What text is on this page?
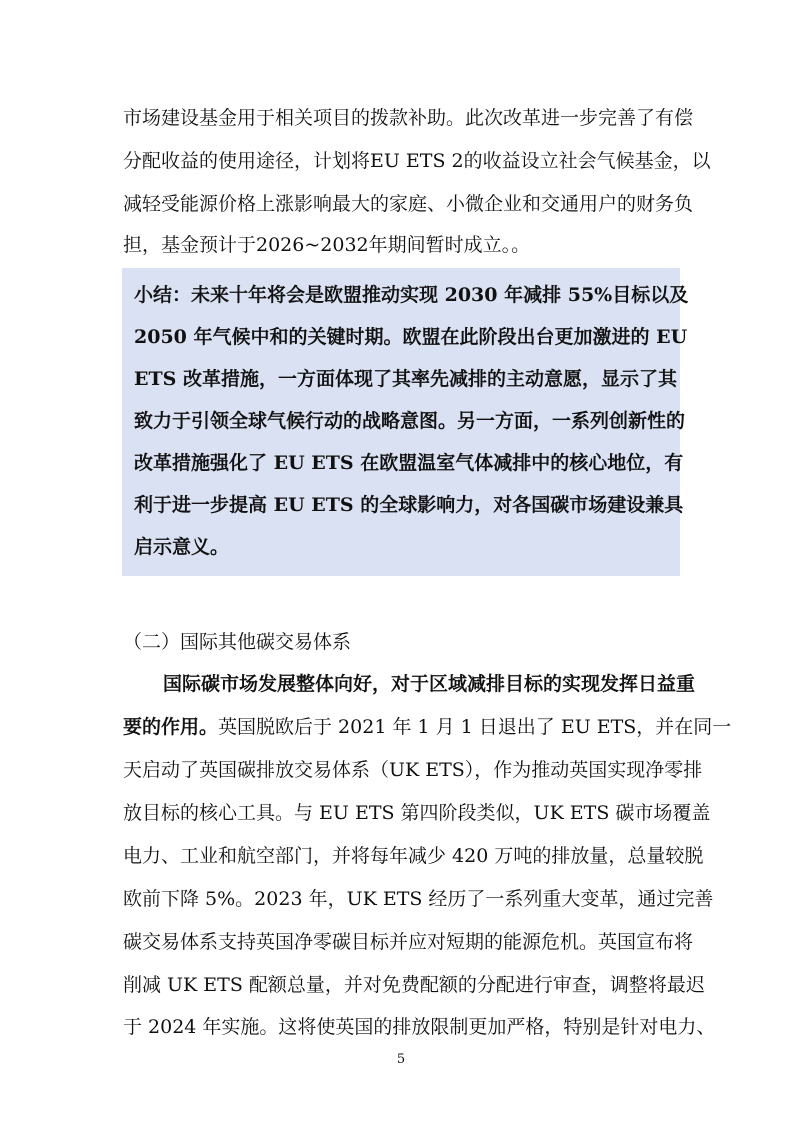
市场建设基金用于相关项目的拨款补助。此次改革进一步完善了有偿
分配收益的使用途径，计划将EU ETS 2的收益设立社会气候基金，以
减轻受能源价格上涨影响最大的家庭、小微企业和交通用户的财务负
担，基金预计于2026~2032年期间暂时成立。。
小结：未来十年将会是欧盟推动实现 2030 年减排 55%目标以及
2050 年气候中和的关键时期。欧盟在此阶段出台更加激进的 EU
ETS 改革措施，一方面体现了其率先减排的主动意愿，显示了其
致力于引领全球气候行动的战略意图。另一方面，一系列创新性的
改革措施强化了 EU ETS 在欧盟温室气体减排中的核心地位，有
利于进一步提高 EU ETS 的全球影响力，对各国碳市场建设兼具
启示意义。
（二）国际其他碳交易体系
国际碳市场发展整体向好，对于区域减排目标的实现发挥日益重
要的作用。英国脱欧后于 2021 年 1 月 1 日退出了 EU ETS，并在同一
天启动了英国碳排放交易体系（UK ETS），作为推动英国实现净零排
放目标的核心工具。与 EU ETS 第四阶段类似，UK ETS 碳市场覆盖
电力、工业和航空部门，并将每年减少 420 万吨的排放量，总量较脱
欧前下降 5%。2023 年，UK ETS 经历了一系列重大变革，通过完善
碳交易体系支持英国净零碳目标并应对短期的能源危机。英国宣布将
削减 UK ETS 配额总量，并对免费配额的分配进行审查，调整将最迟
于 2024 年实施。这将使英国的排放限制更加严格，特别是针对电力、
5
